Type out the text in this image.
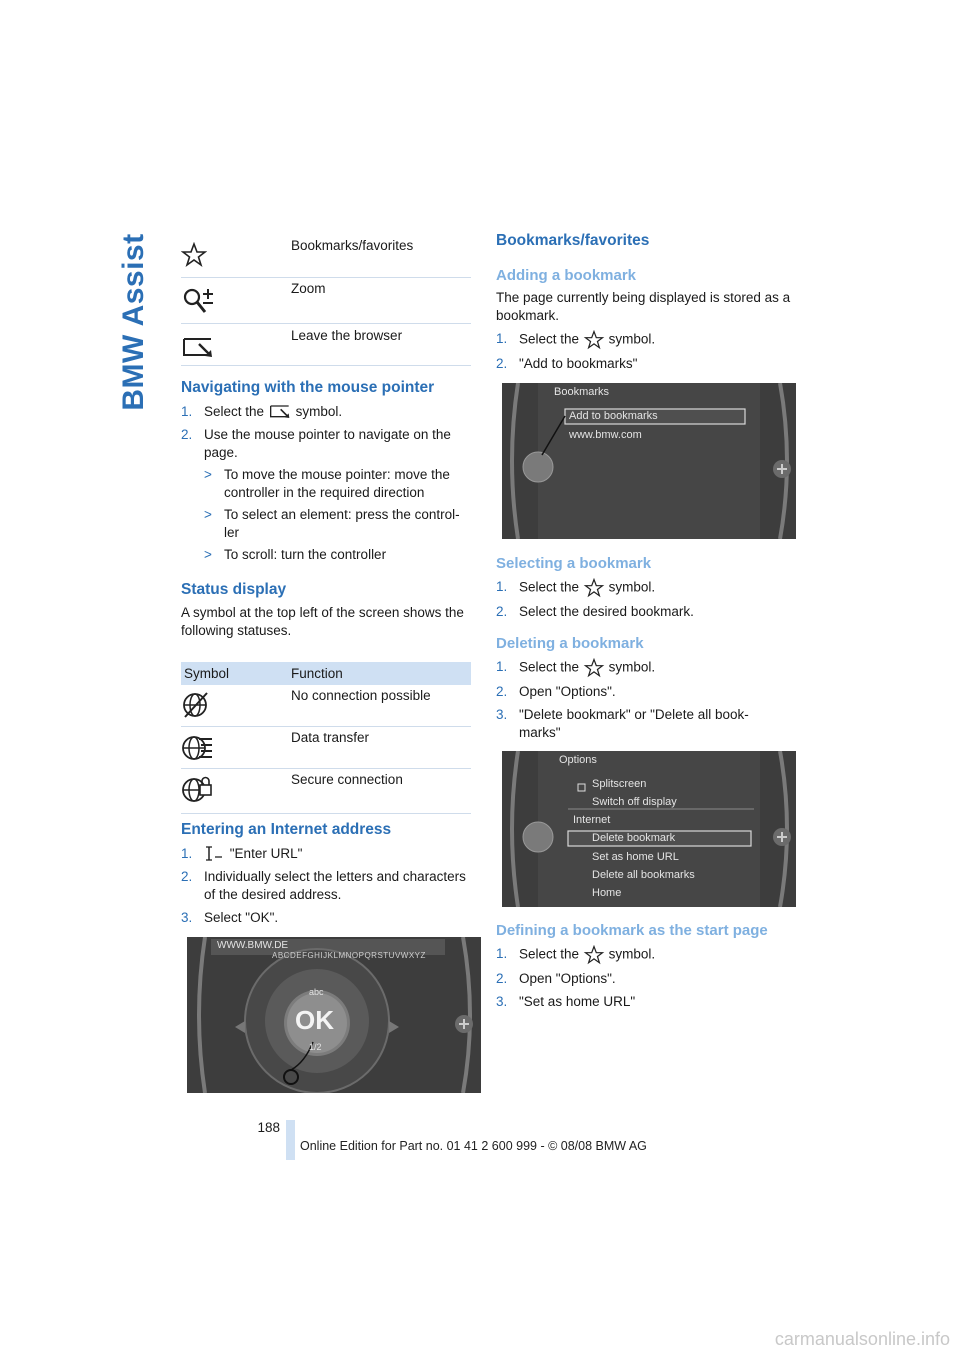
BMW Assist	Bookmarks/favorites
Zoom
Leave the browser

Navigating with the mouse pointer

1. Select the symbol.
2. Use the mouse pointer to navigate on the page.
> To move the mouse pointer: move the controller in the required direction
> To select an element: press the control-ler
> To scroll: turn the controller

Status display

A symbol at the top left of the screen shows the following statuses.

Symbol	Function
No connection possible
Data transfer
Secure connection

Entering an Internet address

1.	"Enter URL"
2. Individually select the letters and characters of the desired address.
3. Select "OK".
WWW.BMW.DE
abc
OK
1/2
ABCDEFGHIJKLMNOPQRSTUVWXYZ

Bookmarks/favorites

Adding a bookmark

The page currently being displayed is stored as a bookmark.

1. Select the symbol.
2. "Add to bookmarks"
Bookmarks
Add to bookmarks
www.bmw.com

Selecting a bookmark

1. Select the symbol.
2. Select the desired bookmark.

Deleting a bookmark

1. Select the symbol.
2. Open "Options".
3. "Delete bookmark" or "Delete all book-marks"
Options
Splitscreen
Switch off display
Internet
Delete bookmark
Set as home URL
Delete all bookmarks
Home

Defining a bookmark as the start page

1. Select the symbol.
2. Open "Options".
3. "Set as home URL"
188
Online Edition for Part no. 01 41 2 600 999 - © 08/08 BMW AG
carmanualsonline.info
